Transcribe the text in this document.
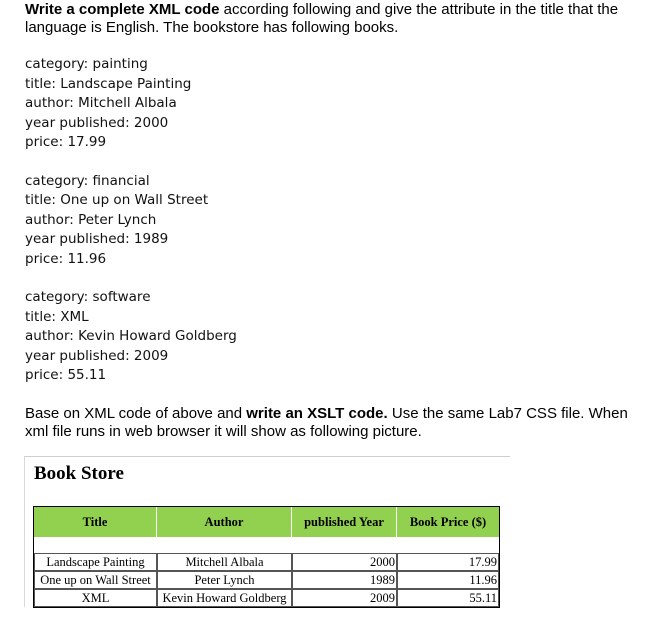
Write a complete XML code according following and give the attribute in the title that the language is English. The bookstore has following books.
category: painting
title: Landscape Painting
author: Mitchell Albala
year published: 2000
price: 17.99
category: financial
title: One up on Wall Street
author: Peter Lynch
year published: 1989
price: 11.96
category: software
title: XML
author: Kevin Howard Goldberg
year published: 2009
price: 55.11
Base on XML code of above and write an XSLT code. Use the same Lab7 CSS file. When xml file runs in web browser it will show as following picture.
Book Store
Title	Author	published Year	Book Price ($)

Landscape Painting	Mitchell Albala	2000	17.99
One up on Wall Street	Peter Lynch	1989	11.96
XML	Kevin Howard Goldberg	2009	55.11
